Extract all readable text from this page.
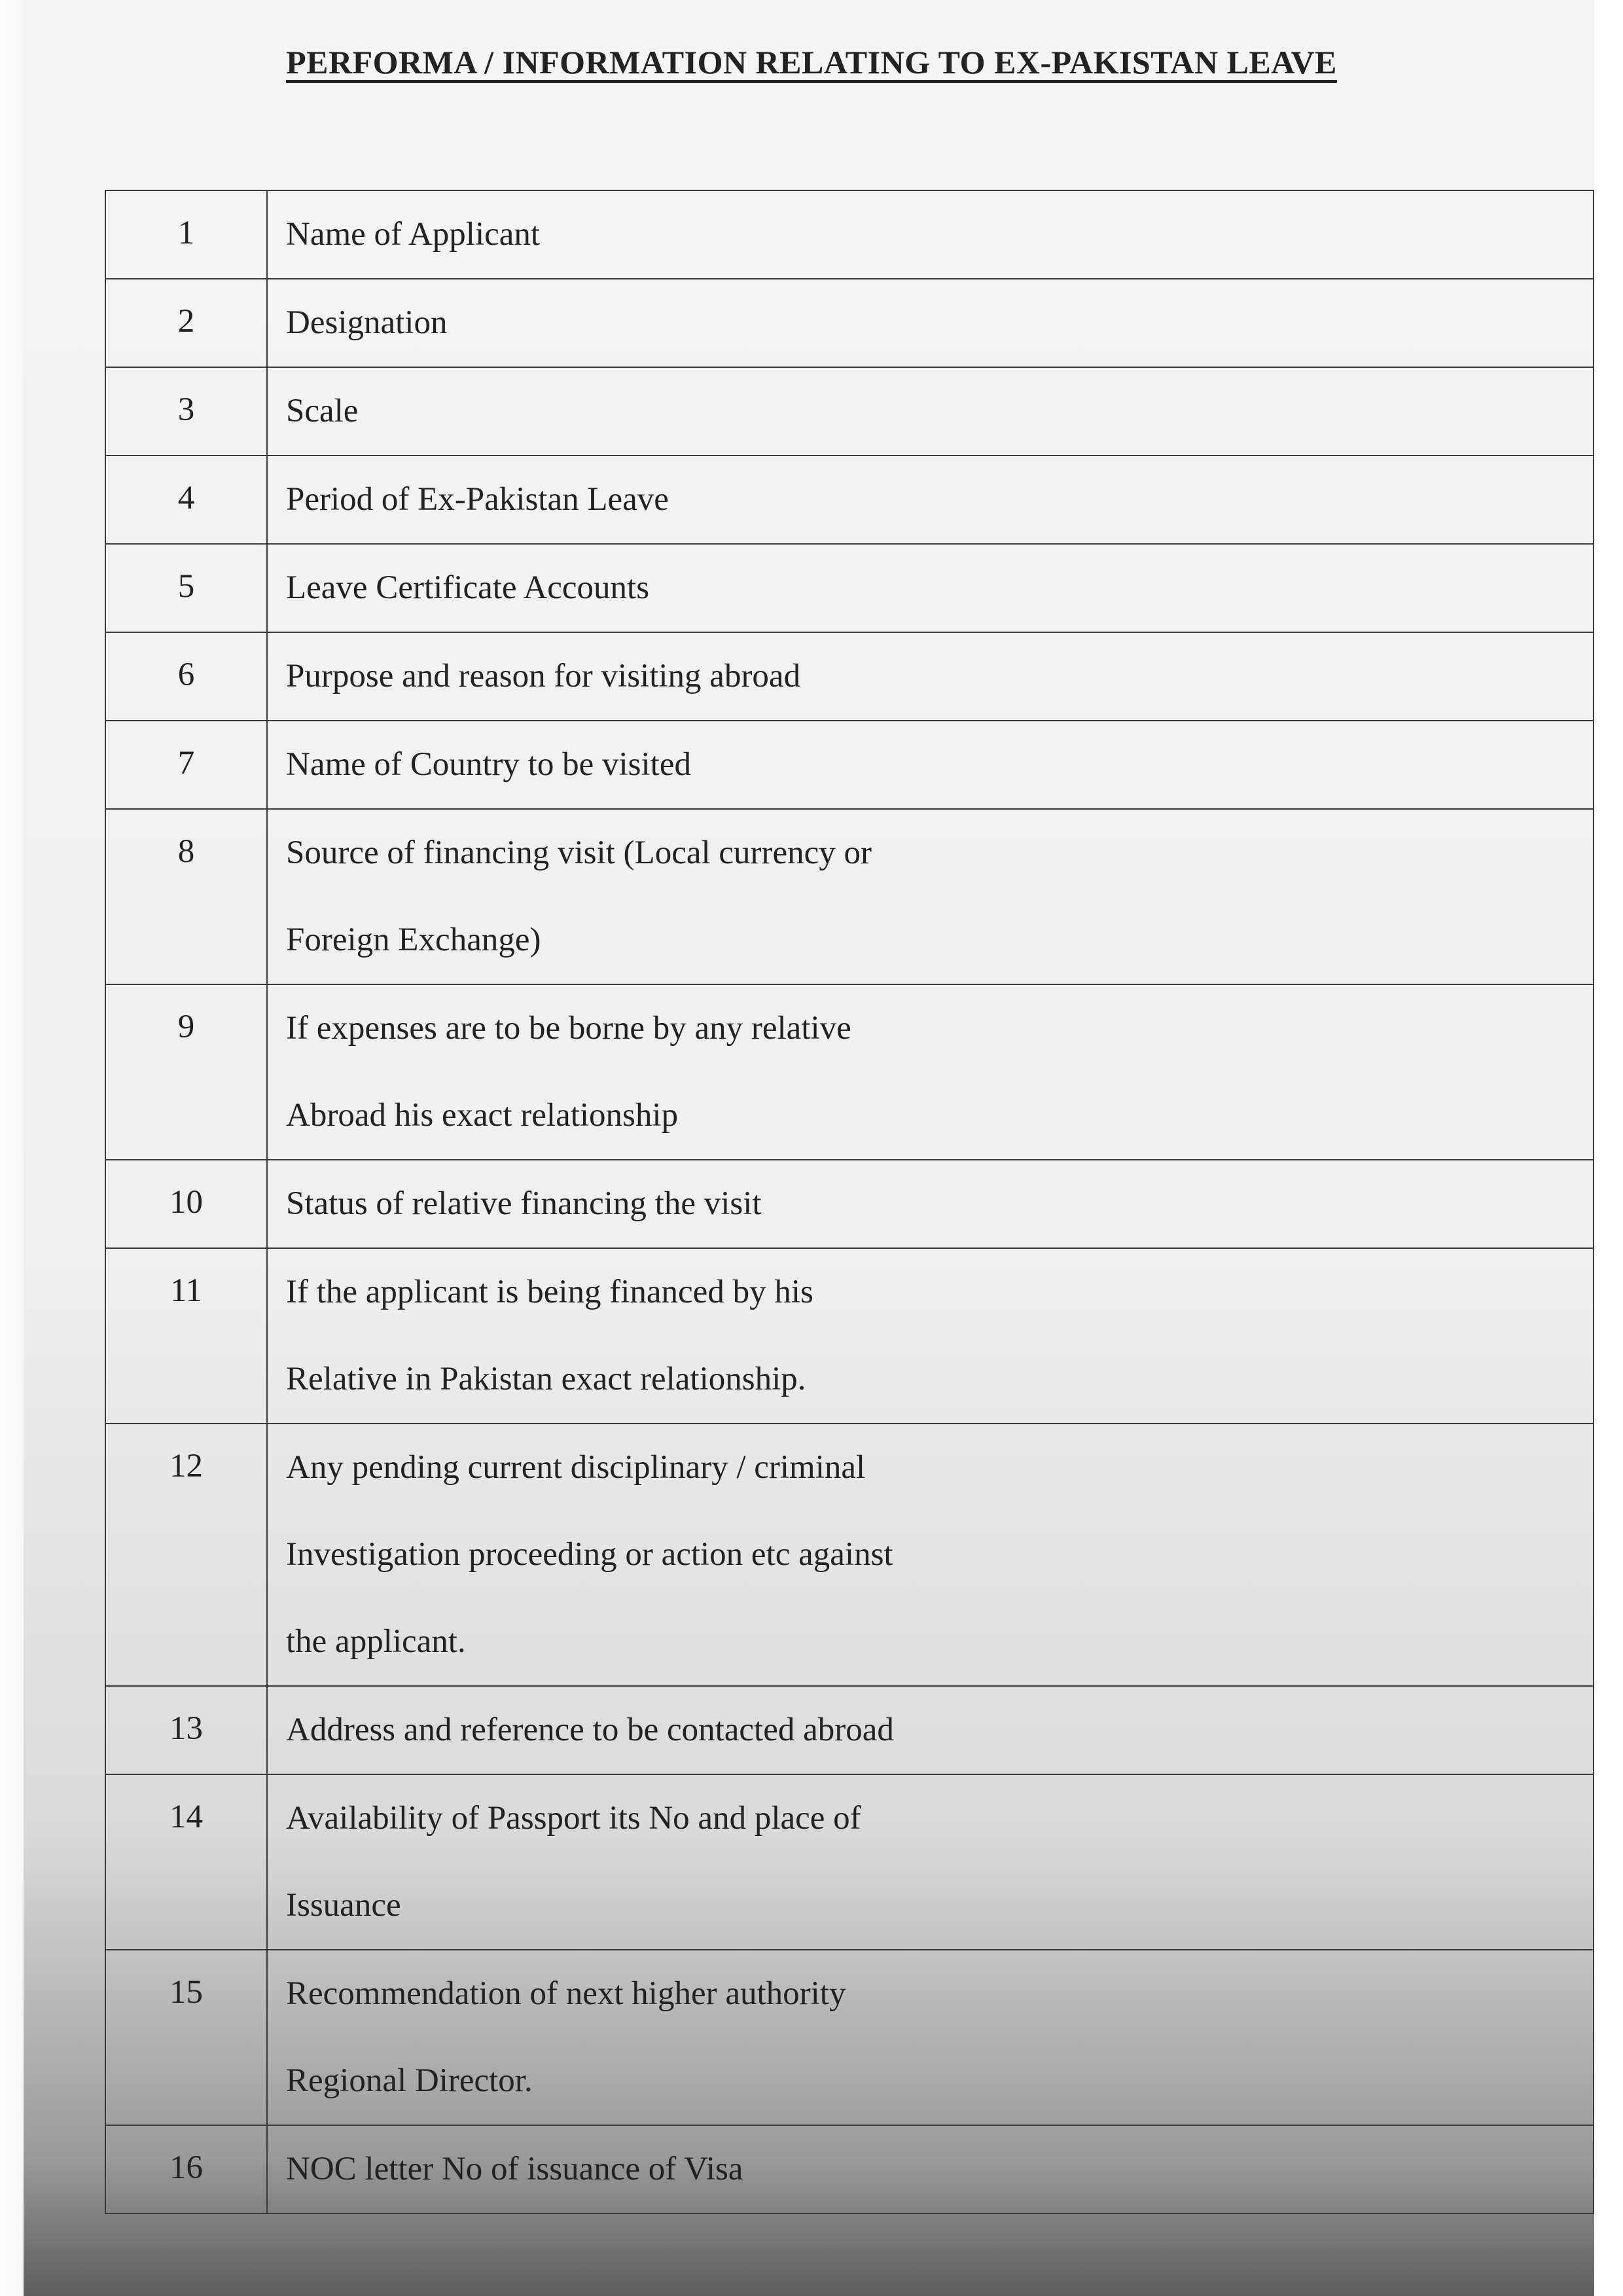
PERFORMA / INFORMATION RELATING TO EX-PAKISTAN LEAVE
1	Name of Applicant

2	Designation

3	Scale

4	Period of Ex-Pakistan Leave

5	Leave Certificate Accounts

6	Purpose and reason for visiting abroad

7	Name of Country to be visited

8	Source of financing visit (Local currency or
Foreign Exchange)

9	If expenses are to be borne by any relative
Abroad his exact relationship

10	Status of relative financing the visit

11	If the applicant is being financed by his
Relative in Pakistan exact relationship.

12	Any pending current disciplinary / criminal
Investigation proceeding or action etc against
the applicant.

13	Address and reference to be contacted abroad

14	Availability of Passport its No and place of
Issuance

15	Recommendation of next higher authority
Regional Director.

16	NOC letter No of issuance of Visa
